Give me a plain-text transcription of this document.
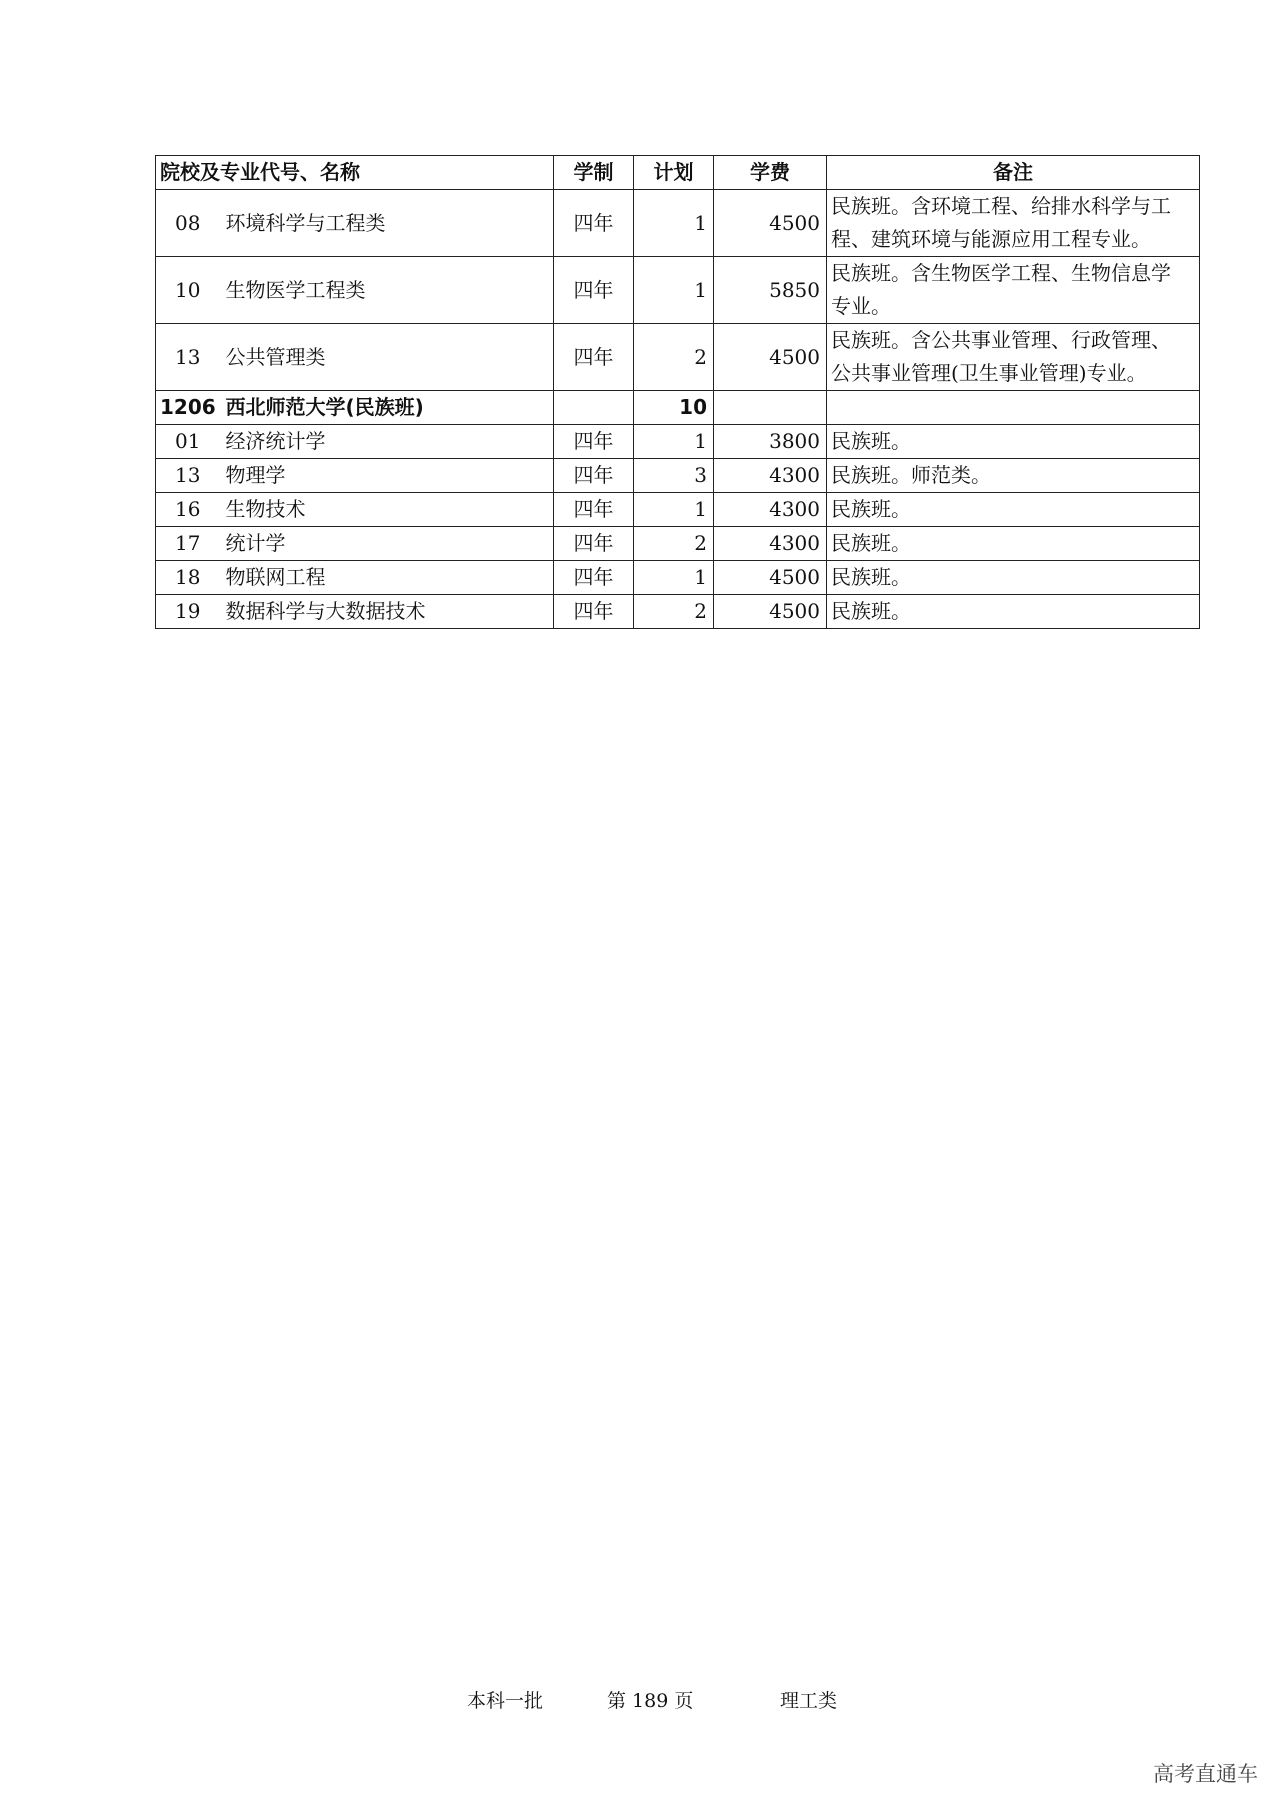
院校及专业代号、名称		学制	计划	学费	备注
08	环境科学与工程类	四年	1	4500	民族班。含环境工程、给排水科学与工
程、建筑环境与能源应用工程专业。

10	生物医学工程类	四年	1	5850	民族班。含生物医学工程、生物信息学
专业。

13	公共管理类	四年	2	4500	民族班。含公共事业管理、行政管理、
公共事业管理(卫生事业管理)专业。

1206	西北师范大学(民族班)		10		

01	经济统计学	四年	1	3800	民族班。

13	物理学	四年	3	4300	民族班。师范类。

16	生物技术	四年	1	4300	民族班。

17	统计学	四年	2	4300	民族班。

18	物联网工程	四年	1	4500	民族班。

19	数据科学与大数据技术	四年	2	4500	民族班。
本科一批	第 189 页	理工类
高考直通车
